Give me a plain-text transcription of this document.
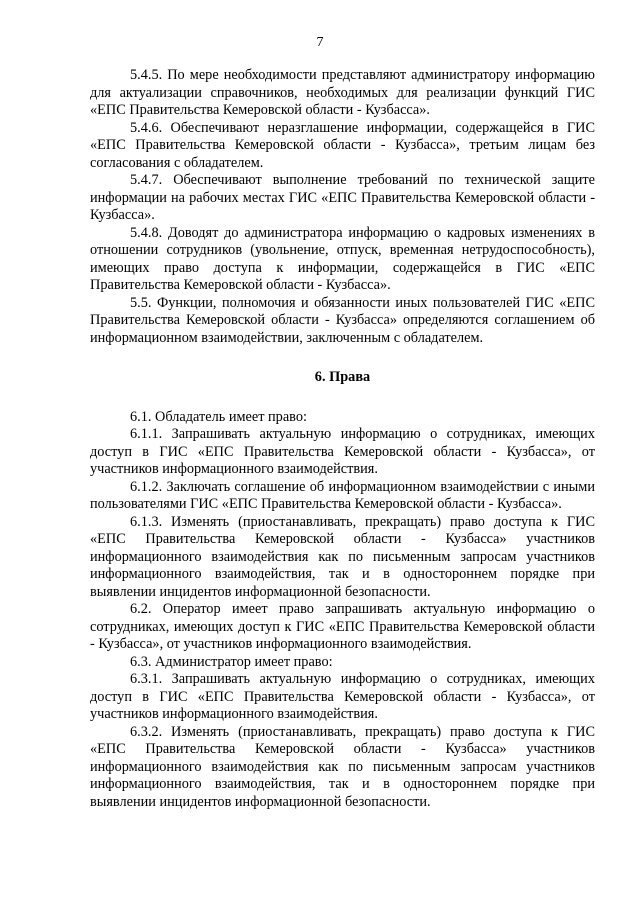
7

5.4.5. По мере необходимости представляют администратору информацию для актуализации справочников, необходимых для реализации функций ГИС «ЕПС Правительства Кемеровской области - Кузбасса».

5.4.6. Обеспечивают неразглашение информации, содержащейся в ГИС «ЕПС Правительства Кемеровской области - Кузбасса», третьим лицам без согласования с обладателем.

5.4.7. Обеспечивают выполнение требований по технической защите информации на рабочих местах ГИС «ЕПС Правительства Кемеровской области - Кузбасса».

5.4.8. Доводят до администратора информацию о кадровых изменениях в отношении сотрудников (увольнение, отпуск, временная нетрудоспособность), имеющих право доступа к информации, содержащейся в ГИС «ЕПС Правительства Кемеровской области - Кузбасса».

5.5. Функции, полномочия и обязанности иных пользователей ГИС «ЕПС Правительства Кемеровской области - Кузбасса» определяются соглашением об информационном взаимодействии, заключенным с обладателем.

6. Права

6.1. Обладатель имеет право:

6.1.1. Запрашивать актуальную информацию о сотрудниках, имеющих доступ в ГИС «ЕПС Правительства Кемеровской области - Кузбасса», от участников информационного взаимодействия.

6.1.2. Заключать соглашение об информационном взаимодействии с иными пользователями ГИС «ЕПС Правительства Кемеровской области - Кузбасса».

6.1.3. Изменять (приостанавливать, прекращать) право доступа к ГИС «ЕПС Правительства Кемеровской области - Кузбасса» участников информационного взаимодействия как по письменным запросам участников информационного взаимодействия, так и в одностороннем порядке при выявлении инцидентов информационной безопасности.

6.2. Оператор имеет право запрашивать актуальную информацию о сотрудниках, имеющих доступ к ГИС «ЕПС Правительства Кемеровской области - Кузбасса», от участников информационного взаимодействия.

6.3. Администратор имеет право:

6.3.1. Запрашивать актуальную информацию о сотрудниках, имеющих доступ в ГИС «ЕПС Правительства Кемеровской области - Кузбасса», от участников информационного взаимодействия.

6.3.2. Изменять (приостанавливать, прекращать) право доступа к ГИС «ЕПС Правительства Кемеровской области - Кузбасса» участников информационного взаимодействия как по письменным запросам участников информационного взаимодействия, так и в одностороннем порядке при выявлении инцидентов информационной безопасности.
